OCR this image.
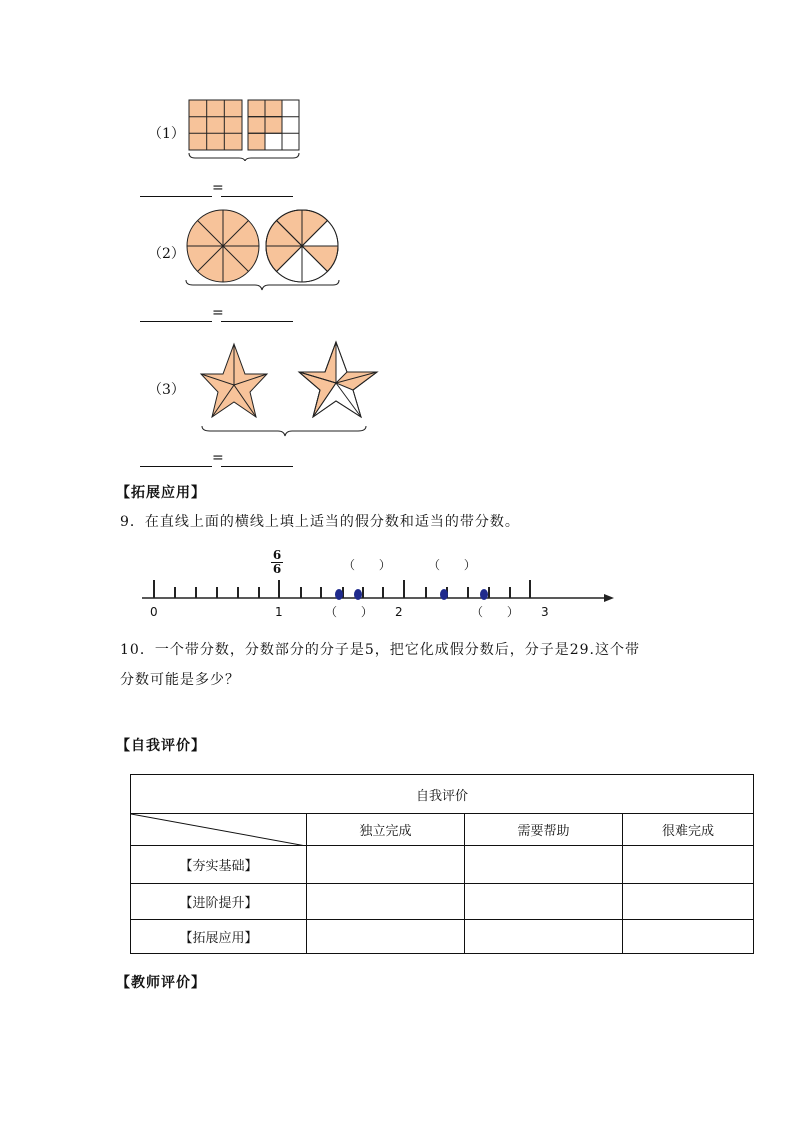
（1）
=
（2）
=
（3）
=
【拓展应用】
9．在直线上面的横线上填上适当的假分数和适当的带分数。
6
6
0	1	2	3
（ ） （ ）
（ ）	（ ）
10．一个带分数，分数部分的分子是5，把它化成假分数后，分子是29.这个带
分数可能是多少？
【自我评价】
自我评价			

	独立完成	需要帮助	很难完成
【夯实基础】			
【进阶提升】			
【拓展应用】			
【教师评价】
